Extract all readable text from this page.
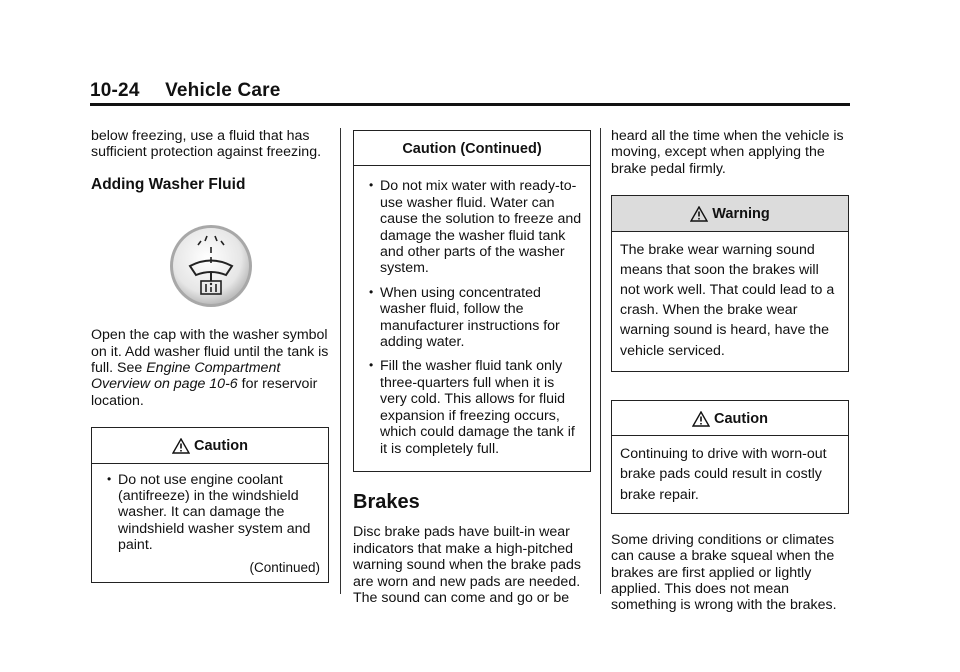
10-24 Vehicle Care

below freezing, use a fluid that has sufficient protection against freezing.

Adding Washer Fluid

Open the cap with the washer symbol on it. Add washer fluid until the tank is full. See Engine Compartment Overview on page 10-6 for reservoir location.

Caution
• Do not use engine coolant (antifreeze) in the windshield washer. It can damage the windshield washer system and paint.
(Continued)
Caution (Continued)
• Do not mix water with ready-to-use washer fluid. Water can cause the solution to freeze and damage the washer fluid tank and other parts of the washer system.
• When using concentrated washer fluid, follow the manufacturer instructions for adding water.
• Fill the washer fluid tank only three-quarters full when it is very cold. This allows for fluid expansion if freezing occurs, which could damage the tank if it is completely full.
Brakes

Disc brake pads have built-in wear indicators that make a high-pitched warning sound when the brake pads are worn and new pads are needed. The sound can come and go or be

heard all the time when the vehicle is moving, except when applying the brake pedal firmly.

Warning
The brake wear warning sound means that soon the brakes will not work well. That could lead to a crash. When the brake wear warning sound is heard, have the vehicle serviced.
Caution
Continuing to drive with worn-out brake pads could result in costly brake repair.

Some driving conditions or climates can cause a brake squeal when the brakes are first applied or lightly applied. This does not mean something is wrong with the brakes.
